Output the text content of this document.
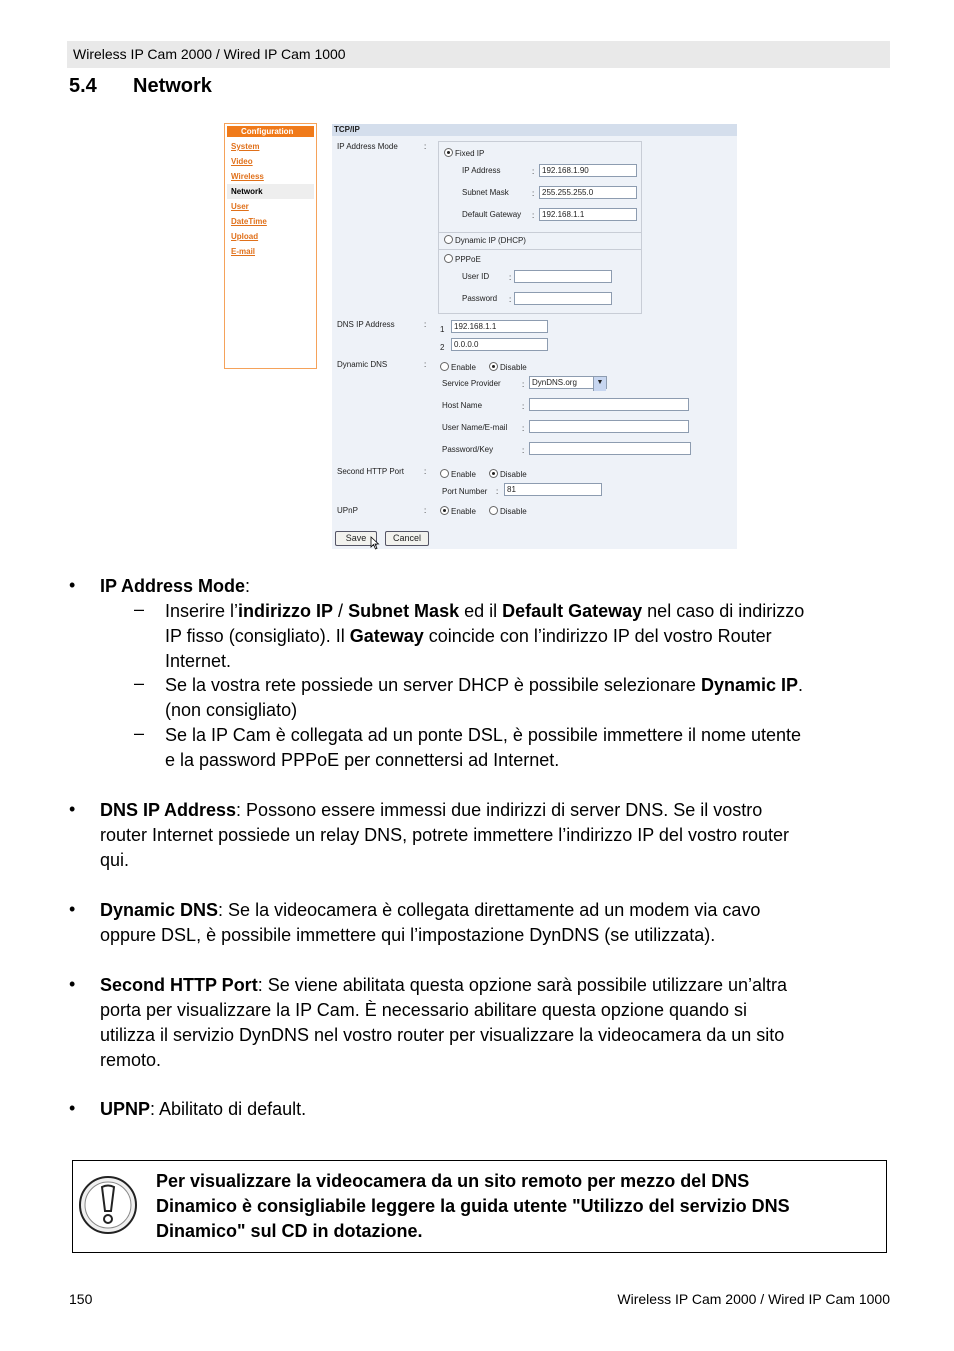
Wireless IP Cam 2000 / Wired IP Cam 1000
5.4 Network
Configuration
System
Video
Wireless
Network
User
DateTime
Upload
E-mail
TCP/IP
IP Address Mode	:
Fixed IP
IP Address	: 192.168.1.90
Subnet Mask	: 255.255.255.0
Default Gateway : 192.168.1.1
Dynamic IP (DHCP)
PPPoE
User ID :
Password :
DNS IP Address	:
1	192.168.1.1
2	0.0.0.0
Dynamic DNS	:	Enable	Disable
Service Provider	: DynDNS.org	▼
Host Name	:
User Name/E-mail :
Password/Key	:
Second HTTP Port	:	Enable	Disable
Port Number :	81
UPnP	:	Enable	Disable
Save	Cancel
• IP Address Mode:
– Inserire l’indirizzo IP / Subnet Mask ed il Default Gateway nel caso di indirizzo
IP fisso (consigliato). Il Gateway coincide con l’indirizzo IP del vostro Router
Internet.
– Se la vostra rete possiede un server DHCP è possibile selezionare Dynamic IP.
(non consigliato)
– Se la IP Cam è collegata ad un ponte DSL, è possibile immettere il nome utente
e la password PPPoE per connettersi ad Internet.
• DNS IP Address: Possono essere immessi due indirizzi di server DNS. Se il vostro
router Internet possiede un relay DNS, potrete immettere l’indirizzo IP del vostro router
qui.
• Dynamic DNS: Se la videocamera è collegata direttamente ad un modem via cavo
oppure DSL, è possibile immettere qui l’impostazione DynDNS (se utilizzata).
• Second HTTP Port: Se viene abilitata questa opzione sarà possibile utilizzare un’altra
porta per visualizzare la IP Cam. È necessario abilitare questa opzione quando si
utilizza il servizio DynDNS nel vostro router per visualizzare la videocamera da un sito
remoto.
• UPNP: Abilitato di default.
Per visualizzare la videocamera da un sito remoto per mezzo del DNS
Dinamico è consigliabile leggere la guida utente "Utilizzo del servizio DNS
Dinamico" sul CD in dotazione.
150	Wireless IP Cam 2000 / Wired IP Cam 1000
